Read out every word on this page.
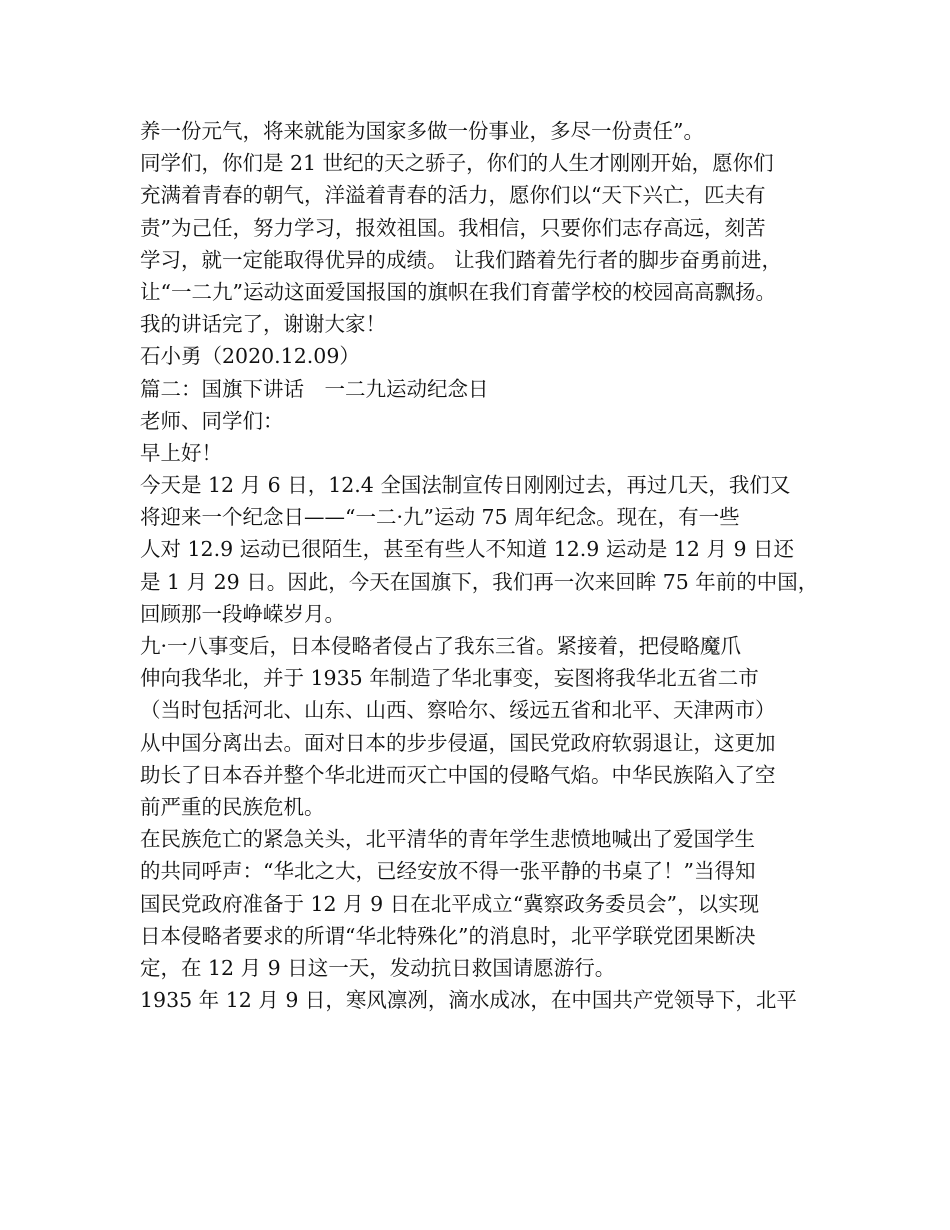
养一份元气，将来就能为国家多做一份事业，多尽一份责任”。
同学们，你们是 21 世纪的天之骄子，你们的人生才刚刚开始，愿你们
充满着青春的朝气，洋溢着青春的活力，愿你们以“天下兴亡，匹夫有
责”为己任，努力学习，报效祖国。我相信，只要你们志存高远，刻苦
学习，就一定能取得优异的成绩。 让我们踏着先行者的脚步奋勇前进，
让“一二九”运动这面爱国报国的旗帜在我们育蕾学校的校园高高飘扬。
我的讲话完了，谢谢大家！
石小勇（2020.12.09）
篇二：国旗下讲话　一二九运动纪念日
老师、同学们：
早上好！
今天是 12 月 6 日，12.4 全国法制宣传日刚刚过去，再过几天，我们又
将迎来一个纪念日——“一二·九”运动 75 周年纪念。现在，有一些
人对 12.9 运动已很陌生，甚至有些人不知道 12.9 运动是 12 月 9 日还
是 1 月 29 日。因此，今天在国旗下，我们再一次来回眸 75 年前的中国，
回顾那一段峥嵘岁月。
九·一八事变后，日本侵略者侵占了我东三省。紧接着，把侵略魔爪
伸向我华北，并于 1935 年制造了华北事变，妄图将我华北五省二市
（当时包括河北、山东、山西、察哈尔、绥远五省和北平、天津两市）
从中国分离出去。面对日本的步步侵逼，国民党政府软弱退让，这更加
助长了日本吞并整个华北进而灭亡中国的侵略气焰。中华民族陷入了空
前严重的民族危机。
在民族危亡的紧急关头，北平清华的青年学生悲愤地喊出了爱国学生
的共同呼声：“华北之大，已经安放不得一张平静的书桌了！”当得知
国民党政府准备于 12 月 9 日在北平成立“冀察政务委员会”，以实现
日本侵略者要求的所谓“华北特殊化”的消息时，北平学联党团果断决
定，在 12 月 9 日这一天，发动抗日救国请愿游行。
1935 年 12 月 9 日，寒风凛冽，滴水成冰，在中国共产党领导下，北平
